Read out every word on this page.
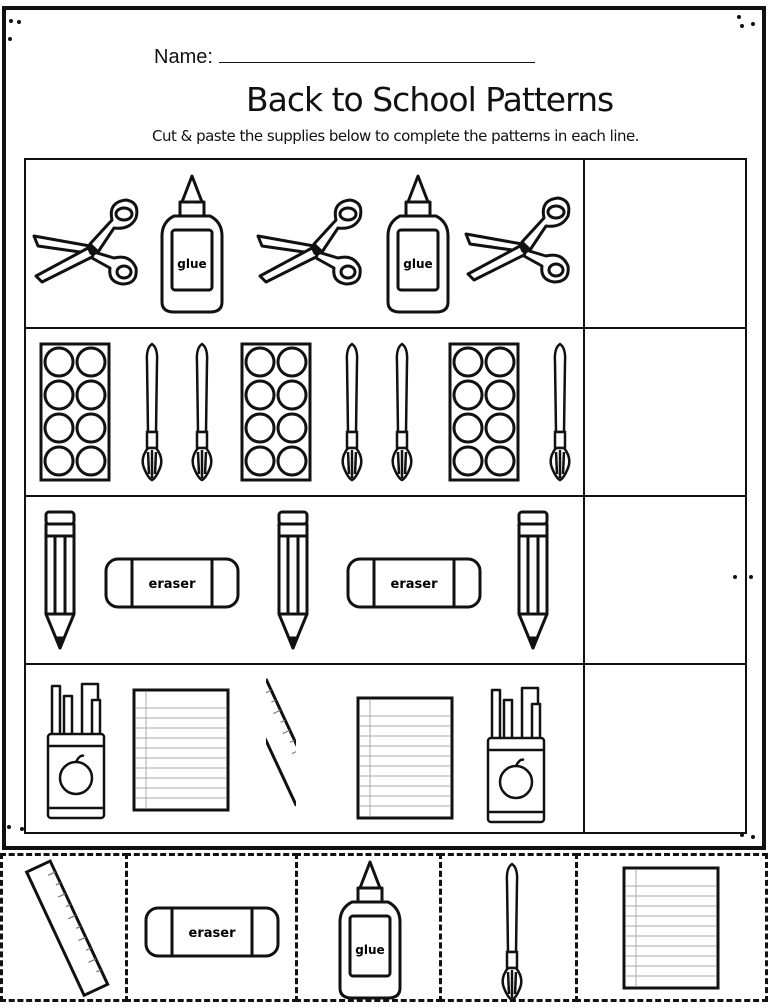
Name:
Back to School Patterns
Cut & paste the supplies below to complete the patterns in each line.
glue	glue
eraser	eraser
eraser
glue
